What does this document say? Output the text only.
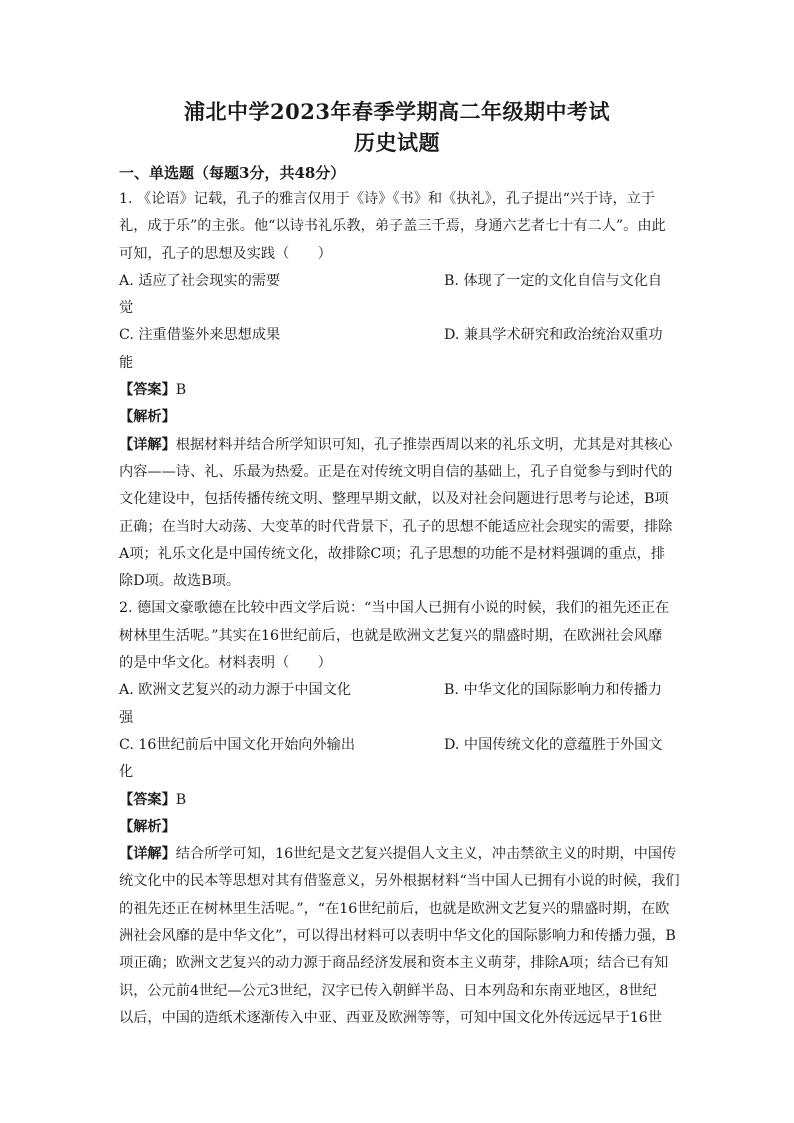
浦北中学2023年春季学期高二年级期中考试
历史试题
一、单选题（每题3分，共48分）

1. 《论语》记载，孔子的雅言仅用于《诗》《书》和《执礼》，孔子提出“兴于诗，立于

礼，成于乐”的主张。他“以诗书礼乐教，弟子盖三千焉，身通六艺者七十有二人”。由此

可知，孔子的思想及实践（　　）

A. 适应了社会现实的需要	B. 体现了一定的文化自信与文化自

觉

C. 注重借鉴外来思想成果	D. 兼具学术研究和政治统治双重功

能

【答案】B

【解析】

【详解】根据材料并结合所学知识可知，孔子推崇西周以来的礼乐文明，尤其是对其核心

内容——诗、礼、乐最为热爱。正是在对传统文明自信的基础上，孔子自觉参与到时代的

文化建设中，包括传播传统文明、整理早期文献，以及对社会问题进行思考与论述，B项

正确；在当时大动荡、大变革的时代背景下，孔子的思想不能适应社会现实的需要，排除

A项；礼乐文化是中国传统文化，故排除C项；孔子思想的功能不是材料强调的重点，排

除D项。故选B项。

2. 德国文豪歌德在比较中西文学后说：“当中国人已拥有小说的时候，我们的祖先还正在

树林里生活呢。”其实在16世纪前后，也就是欧洲文艺复兴的鼎盛时期，在欧洲社会风靡

的是中华文化。材料表明（　　）

A. 欧洲文艺复兴的动力源于中国文化	B. 中华文化的国际影响力和传播力

强

C. 16世纪前后中国文化开始向外输出	D. 中国传统文化的意蕴胜于外国文

化

【答案】B

【解析】

【详解】结合所学可知，16世纪是文艺复兴提倡人文主义，冲击禁欲主义的时期，中国传

统文化中的民本等思想对其有借鉴意义，另外根据材料“当中国人已拥有小说的时候，我们

的祖先还正在树林里生活呢。”，“在16世纪前后，也就是欧洲文艺复兴的鼎盛时期，在欧

洲社会风靡的是中华文化”，可以得出材料可以表明中华文化的国际影响力和传播力强，B

项正确；欧洲文艺复兴的动力源于商品经济发展和资本主义萌芽，排除A项；结合已有知

识，公元前4世纪—公元3世纪，汉字已传入朝鲜半岛、日本列岛和东南亚地区，8世纪

以后，中国的造纸术逐渐传入中亚、西亚及欧洲等等，可知中国文化外传远远早于16世
